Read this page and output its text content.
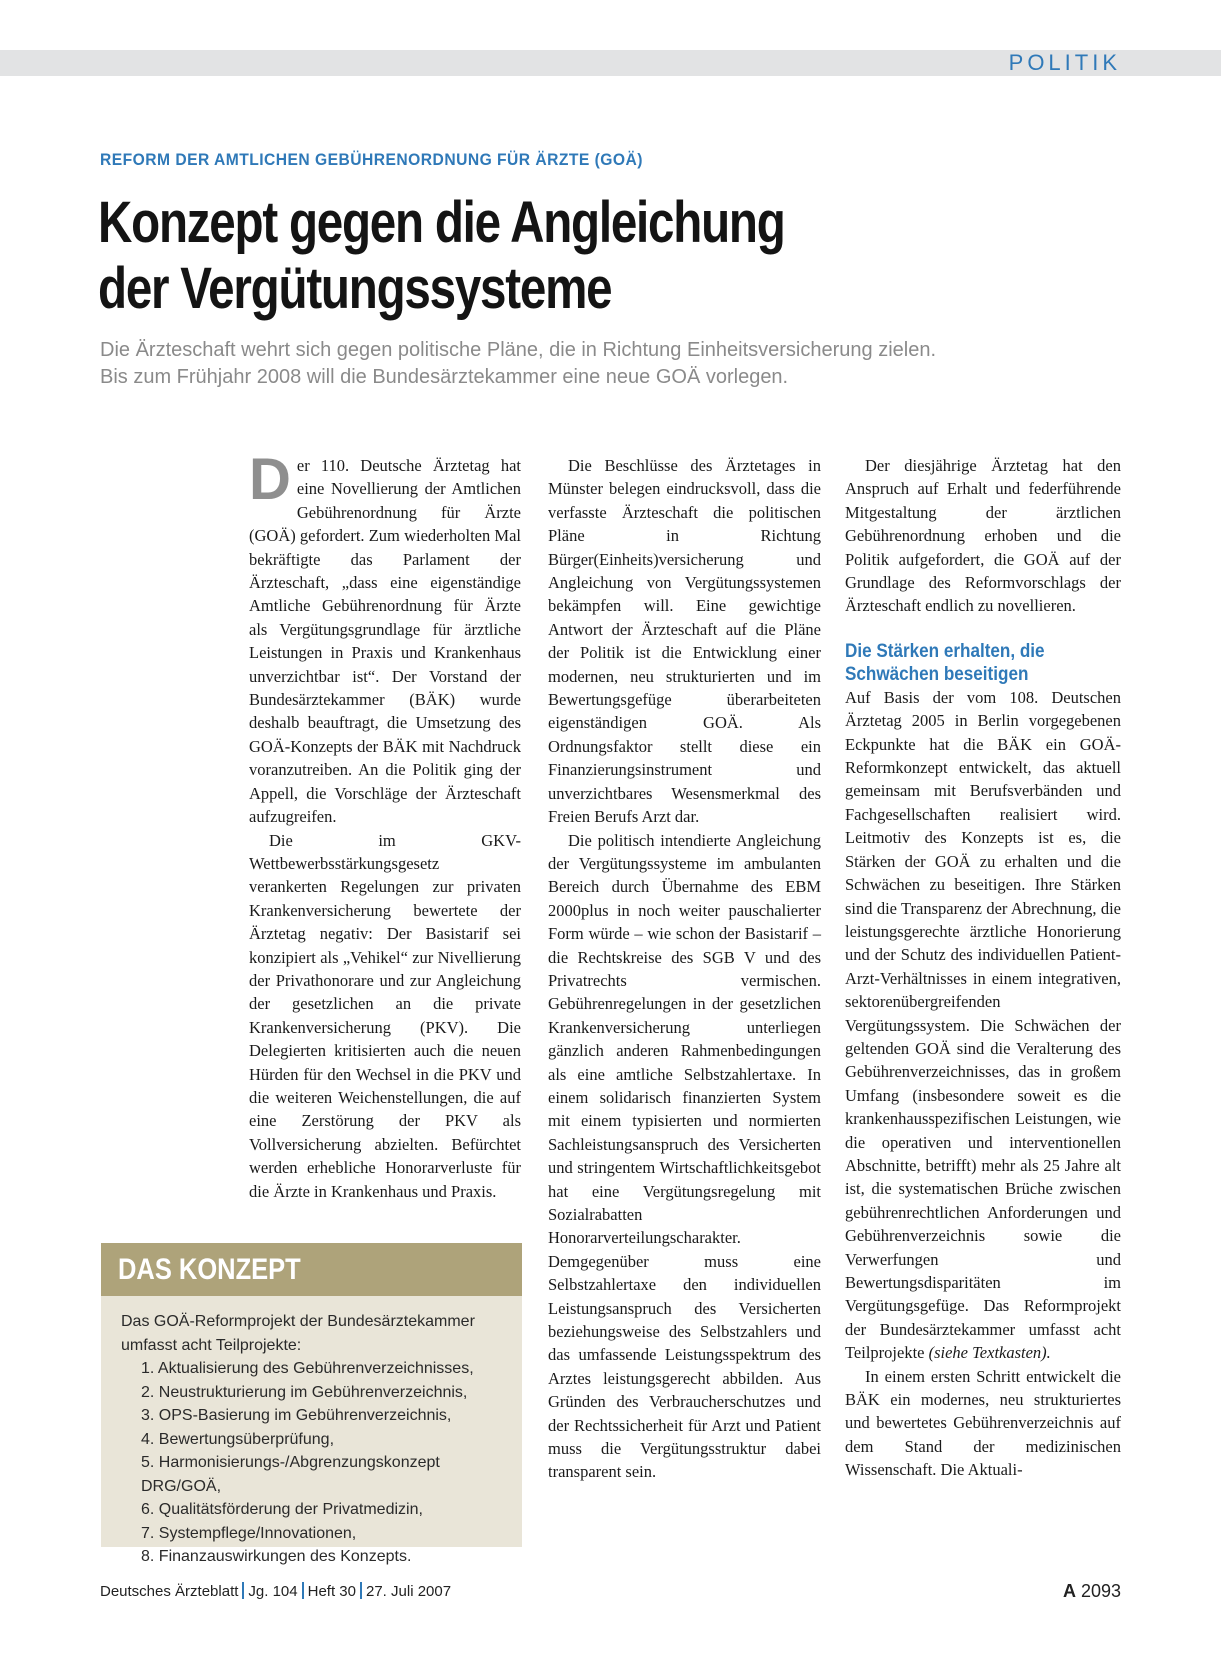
POLITIK
REFORM DER AMTLICHEN GEBÜHRENORDNUNG FÜR ÄRZTE (GOÄ)
Konzept gegen die Angleichung
der Vergütungssysteme
Die Ärzteschaft wehrt sich gegen politische Pläne, die in Richtung Einheitsversicherung zielen.
Bis zum Frühjahr 2008 will die Bundesärztekammer eine neue GOÄ vorlegen.

Der 110. Deutsche Ärztetag hat eine Novellierung der Amtlichen Gebührenordnung für Ärzte (GOÄ) gefordert. Zum wiederholten Mal bekräftigte das Parlament der Ärzteschaft, „dass eine eigenständige Amtliche Gebührenordnung für Ärzte als Vergütungsgrundlage für ärztliche Leistungen in Praxis und Krankenhaus unverzichtbar ist“. Der Vorstand der Bundesärztekammer (BÄK) wurde deshalb beauftragt, die Umsetzung des GOÄ-Konzepts der BÄK mit Nachdruck voranzutreiben. An die Politik ging der Appell, die Vorschläge der Ärzteschaft aufzugreifen.

Die im GKV-Wettbewerbsstärkungsgesetz verankerten Regelungen zur privaten Krankenversicherung bewertete der Ärztetag negativ: Der Basistarif sei konzipiert als „Vehikel“ zur Nivellierung der Privathonorare und zur Angleichung der gesetzlichen an die private Krankenversicherung (PKV). Die Delegierten kritisierten auch die neuen Hürden für den Wechsel in die PKV und die weiteren Weichenstellungen, die auf eine Zerstörung der PKV als Vollversicherung abzielten. Befürchtet werden erhebliche Honorarverluste für die Ärzte in Krankenhaus und Praxis.

Die Beschlüsse des Ärztetages in Münster belegen eindrucksvoll, dass die verfasste Ärzteschaft die politischen Pläne in Richtung Bürger(Einheits)versicherung und Angleichung von Vergütungssystemen bekämpfen will. Eine gewichtige Antwort der Ärzteschaft auf die Pläne der Politik ist die Entwicklung einer modernen, neu strukturierten und im Bewertungsgefüge überarbeiteten eigenständigen GOÄ. Als Ordnungsfaktor stellt diese ein Finanzierungsinstrument und unverzichtbares Wesensmerkmal des Freien Berufs Arzt dar.

Die politisch intendierte Angleichung der Vergütungssysteme im ambulanten Bereich durch Übernahme des EBM 2000plus in noch weiter pauschalierter Form würde – wie schon der Basistarif – die Rechtskreise des SGB V und des Privatrechts vermischen. Gebührenregelungen in der gesetzlichen Krankenversicherung unterliegen gänzlich anderen Rahmenbedingungen als eine amtliche Selbstzahlertaxe. In einem solidarisch finanzierten System mit einem typisierten und normierten Sachleistungsanspruch des Versicherten und stringentem Wirtschaftlichkeitsgebot hat eine Vergütungsregelung mit Sozialrabatten Honorarverteilungscharakter. Demgegenüber muss eine Selbstzahlertaxe den individuellen Leistungsanspruch des Versicherten beziehungsweise des Selbstzahlers und das umfassende Leistungsspektrum des Arztes leistungsgerecht abbilden. Aus Gründen des Verbraucherschutzes und der Rechtssicherheit für Arzt und Patient muss die Vergütungsstruktur dabei transparent sein.

Der diesjährige Ärztetag hat den Anspruch auf Erhalt und federführende Mitgestaltung der ärztlichen Gebührenordnung erhoben und die Politik aufgefordert, die GOÄ auf der Grundlage des Reformvorschlags der Ärzteschaft endlich zu novellieren.

Die Stärken erhalten, die
Schwächen beseitigen

Auf Basis der vom 108. Deutschen Ärztetag 2005 in Berlin vorgegebenen Eckpunkte hat die BÄK ein GOÄ-Reformkonzept entwickelt, das aktuell gemeinsam mit Berufsverbänden und Fachgesellschaften realisiert wird. Leitmotiv des Konzepts ist es, die Stärken der GOÄ zu erhalten und die Schwächen zu beseitigen. Ihre Stärken sind die Transparenz der Abrechnung, die leistungsgerechte ärztliche Honorierung und der Schutz des individuellen Patient-Arzt-Verhältnisses in einem integrativen, sektorenübergreifenden Vergütungssystem. Die Schwächen der geltenden GOÄ sind die Veralterung des Gebührenverzeichnisses, das in großem Umfang (insbesondere soweit es die krankenhausspezifischen Leistungen, wie die operativen und interventionellen Abschnitte, betrifft) mehr als 25 Jahre alt ist, die systematischen Brüche zwischen gebührenrechtlichen Anforderungen und Gebührenverzeichnis sowie die Verwerfungen und Bewertungsdisparitäten im Vergütungsgefüge. Das Reformprojekt der Bundesärztekammer umfasst acht Teilprojekte (siehe Textkasten).

In einem ersten Schritt entwickelt die BÄK ein modernes, neu strukturiertes und bewertetes Gebührenverzeichnis auf dem Stand der medizinischen Wissenschaft. Die Aktuali-

DAS KONZEPT

Das GOÄ-Reformprojekt der Bundesärztekammer umfasst acht Teilprojekte:

1. Aktualisierung des Gebührenverzeichnisses,
2. Neustrukturierung im Gebührenverzeichnis,
3. OPS-Basierung im Gebührenverzeichnis,
4. Bewertungsüberprüfung,
5. Harmonisierungs-/Abgrenzungskonzept DRG/GOÄ,
6. Qualitätsförderung der Privatmedizin,
7. Systempflege/Innovationen,
8. Finanzauswirkungen des Konzepts.
Deutsches Ärzteblatt Jg. 104 Heft 30 27. Juli 2007	A 2093
